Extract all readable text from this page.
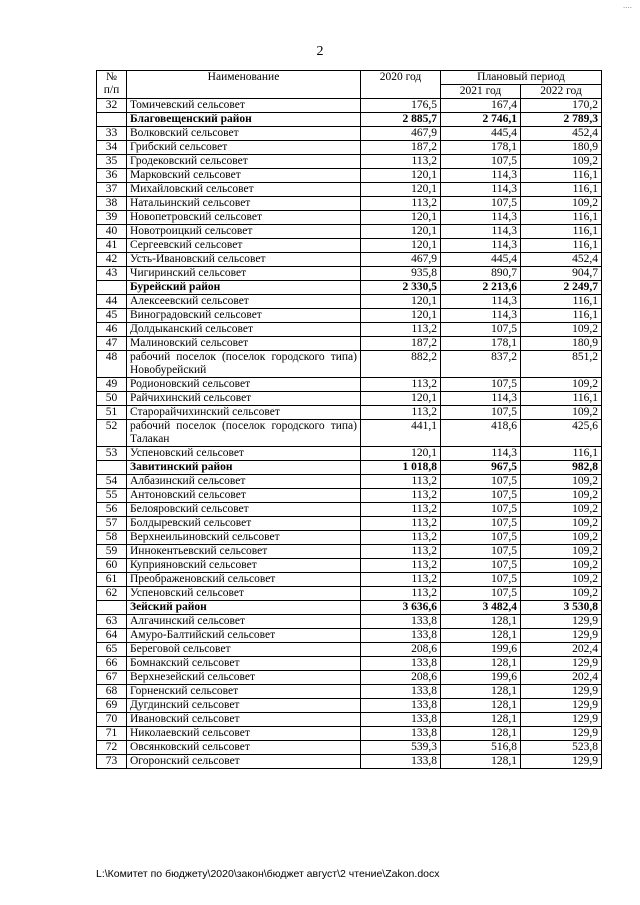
....
2
№
п/п	Наименование	2020 год	Плановый период	
			2021 год	2022 год
32	Томичевский сельсовет	176,5	167,4	170,2
	Благовещенский район	2 885,7	2 746,1	2 789,3
33	Волковский сельсовет	467,9	445,4	452,4
34	Грибский сельсовет	187,2	178,1	180,9
35	Гродековский сельсовет	113,2	107,5	109,2
36	Марковский сельсовет	120,1	114,3	116,1
37	Михайловский сельсовет	120,1	114,3	116,1
38	Натальинский сельсовет	113,2	107,5	109,2
39	Новопетровский сельсовет	120,1	114,3	116,1
40	Новотроицкий сельсовет	120,1	114,3	116,1
41	Сергеевский сельсовет	120,1	114,3	116,1
42	Усть-Ивановский сельсовет	467,9	445,4	452,4
43	Чигиринский сельсовет	935,8	890,7	904,7
	Бурейский район	2 330,5	2 213,6	2 249,7
44	Алексеевский сельсовет	120,1	114,3	116,1
45	Виноградовский сельсовет	120,1	114,3	116,1
46	Долдыканский сельсовет	113,2	107,5	109,2
47	Малиновский сельсовет	187,2	178,1	180,9
48	рабочий поселок (поселок городского типа) Новобурейский	882,2	837,2	851,2
49	Родионовский сельсовет	113,2	107,5	109,2
50	Райчихинский сельсовет	120,1	114,3	116,1
51	Старорайчихинский сельсовет	113,2	107,5	109,2
52	рабочий поселок (поселок городского типа) Талакан	441,1	418,6	425,6
53	Успеновский сельсовет	120,1	114,3	116,1
	Завитинский район	1 018,8	967,5	982,8
54	Албазинский сельсовет	113,2	107,5	109,2
55	Антоновский сельсовет	113,2	107,5	109,2
56	Белояровский сельсовет	113,2	107,5	109,2
57	Болдыревский сельсовет	113,2	107,5	109,2
58	Верхнеильиновский сельсовет	113,2	107,5	109,2
59	Иннокентьевский сельсовет	113,2	107,5	109,2
60	Куприяновский сельсовет	113,2	107,5	109,2
61	Преображеновский сельсовет	113,2	107,5	109,2
62	Успеновский сельсовет	113,2	107,5	109,2
	Зейский район	3 636,6	3 482,4	3 530,8
63	Алгачинский сельсовет	133,8	128,1	129,9
64	Амуро-Балтийский сельсовет	133,8	128,1	129,9
65	Береговой сельсовет	208,6	199,6	202,4
66	Бомнакский сельсовет	133,8	128,1	129,9
67	Верхнезейский сельсовет	208,6	199,6	202,4
68	Горненский сельсовет	133,8	128,1	129,9
69	Дугдинский сельсовет	133,8	128,1	129,9
70	Ивановский сельсовет	133,8	128,1	129,9
71	Николаевский сельсовет	133,8	128,1	129,9
72	Овсянковский сельсовет	539,3	516,8	523,8
73	Огоронский сельсовет	133,8	128,1	129,9
L:\Комитет по бюджету\2020\закон\бюджет август\2 чтение\Zakon.docx
